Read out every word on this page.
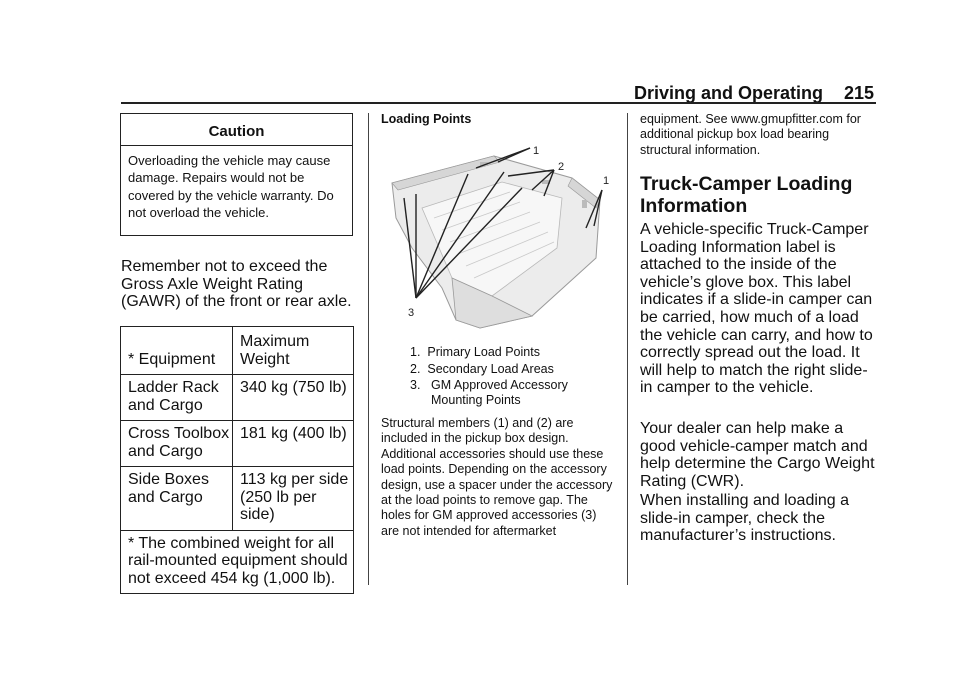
Driving and Operating 215
Caution
Overloading the vehicle may cause damage. Repairs would not be covered by the vehicle warranty. Do not overload the vehicle.
Remember not to exceed the Gross Axle Weight Rating (GAWR) of the front or rear axle.
* Equipment	Maximum Weight
Ladder Rack and Cargo	340 kg (750 lb)
Cross Toolbox and Cargo	181 kg (400 lb)
Side Boxes and Cargo	113 kg per side (250 lb per side)
* The combined weight for all rail-mounted equipment should not exceed 454 kg (1,000 lb).	
Loading Points
1
2
1
3
1. Primary Load Points
2. Secondary Load Areas
3. GM Approved Accessory Mounting Points
Structural members (1) and (2) are included in the pickup box design. Additional accessories should use these load points. Depending on the accessory design, use a spacer under the accessory at the load points to remove gap. The holes for GM approved accessories (3) are not intended for aftermarket
equipment. See www.gmupfitter.com for additional pickup box load bearing structural information.
Truck-Camper Loading Information
A vehicle-specific Truck-Camper Loading Information label is attached to the inside of the vehicle’s glove box. This label indicates if a slide-in camper can be carried, how much of a load the vehicle can carry, and how to correctly spread out the load. It will help to match the right slide-in camper to the vehicle.
Your dealer can help make a good vehicle-camper match and help determine the Cargo Weight Rating (CWR).
When installing and loading a slide-in camper, check the manufacturer’s instructions.
